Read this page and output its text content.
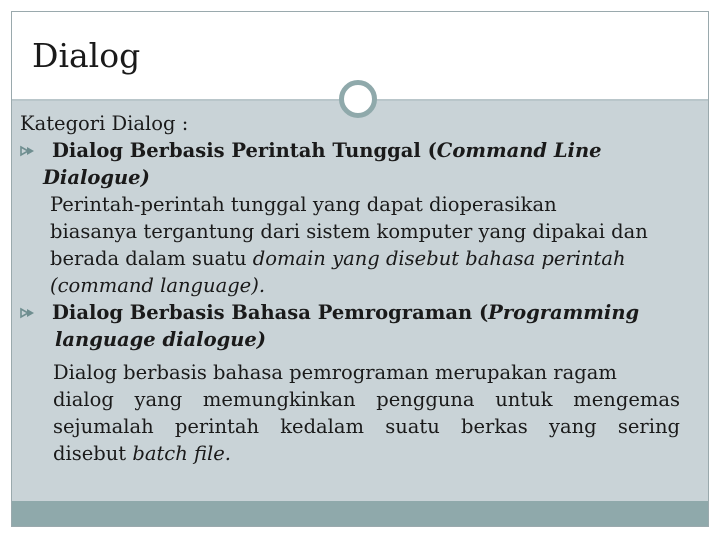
Dialog
Kategori Dialog :
Dialog Berbasis Perintah Tunggal (Command Line
Dialogue)
Perintah-perintah tunggal yang dapat dioperasikan
biasanya tergantung dari sistem komputer yang dipakai dan
berada dalam suatu domain yang disebut bahasa perintah
(command language).
Dialog Berbasis Bahasa Pemrograman (Programming
language dialogue)
Dialog berbasis bahasa pemrograman merupakan ragam
dialog yang memungkinkan pengguna untuk mengemas
sejumalah perintah kedalam suatu berkas yang sering
disebut batch file.
